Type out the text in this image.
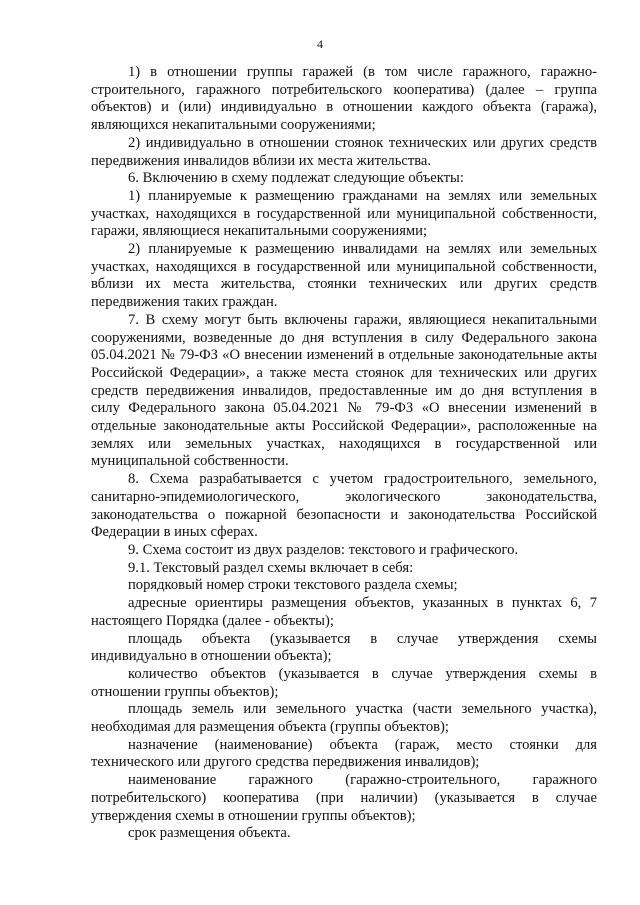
4

1) в отношении группы гаражей (в том числе гаражного, гаражно-строительного, гаражного потребительского кооператива) (далее – группа объектов) и (или) индивидуально в отношении каждого объекта (гаража), являющихся некапитальными сооружениями;

2) индивидуально в отношении стоянок технических или других средств передвижения инвалидов вблизи их места жительства.

6. Включению в схему подлежат следующие объекты:

1) планируемые к размещению гражданами на землях или земельных участках, находящихся в государственной или муниципальной собственности, гаражи, являющиеся некапитальными сооружениями;

2) планируемые к размещению инвалидами на землях или земельных участках, находящихся в государственной или муниципальной собственности, вблизи их места жительства, стоянки технических или других средств передвижения таких граждан.

7. В схему могут быть включены гаражи, являющиеся некапитальными сооружениями, возведенные до дня вступления в силу Федерального закона 05.04.2021 № 79-ФЗ «О внесении изменений в отдельные законодательные акты Российской Федерации», а также места стоянок для технических или других средств передвижения инвалидов, предоставленные им до дня вступления в силу Федерального закона 05.04.2021 № 79-ФЗ «О внесении изменений в отдельные законодательные акты Российской Федерации», расположенные на землях или земельных участках, находящихся в государственной или муниципальной собственности.

8. Схема разрабатывается с учетом градостроительного, земельного, санитарно-эпидемиологического, экологического законодательства, законодательства о пожарной безопасности и законодательства Российской Федерации в иных сферах.

9. Схема состоит из двух разделов: текстового и графического.

9.1. Текстовый раздел схемы включает в себя:

порядковый номер строки текстового раздела схемы;

адресные ориентиры размещения объектов, указанных в пунктах 6, 7 настоящего Порядка (далее - объекты);

площадь объекта (указывается в случае утверждения схемы индивидуально в отношении объекта);

количество объектов (указывается в случае утверждения схемы в отношении группы объектов);

площадь земель или земельного участка (части земельного участка), необходимая для размещения объекта (группы объектов);

назначение (наименование) объекта (гараж, место стоянки для технического или другого средства передвижения инвалидов);

наименование гаражного (гаражно-строительного, гаражного потребительского) кооператива (при наличии) (указывается в случае утверждения схемы в отношении группы объектов);

срок размещения объекта.
